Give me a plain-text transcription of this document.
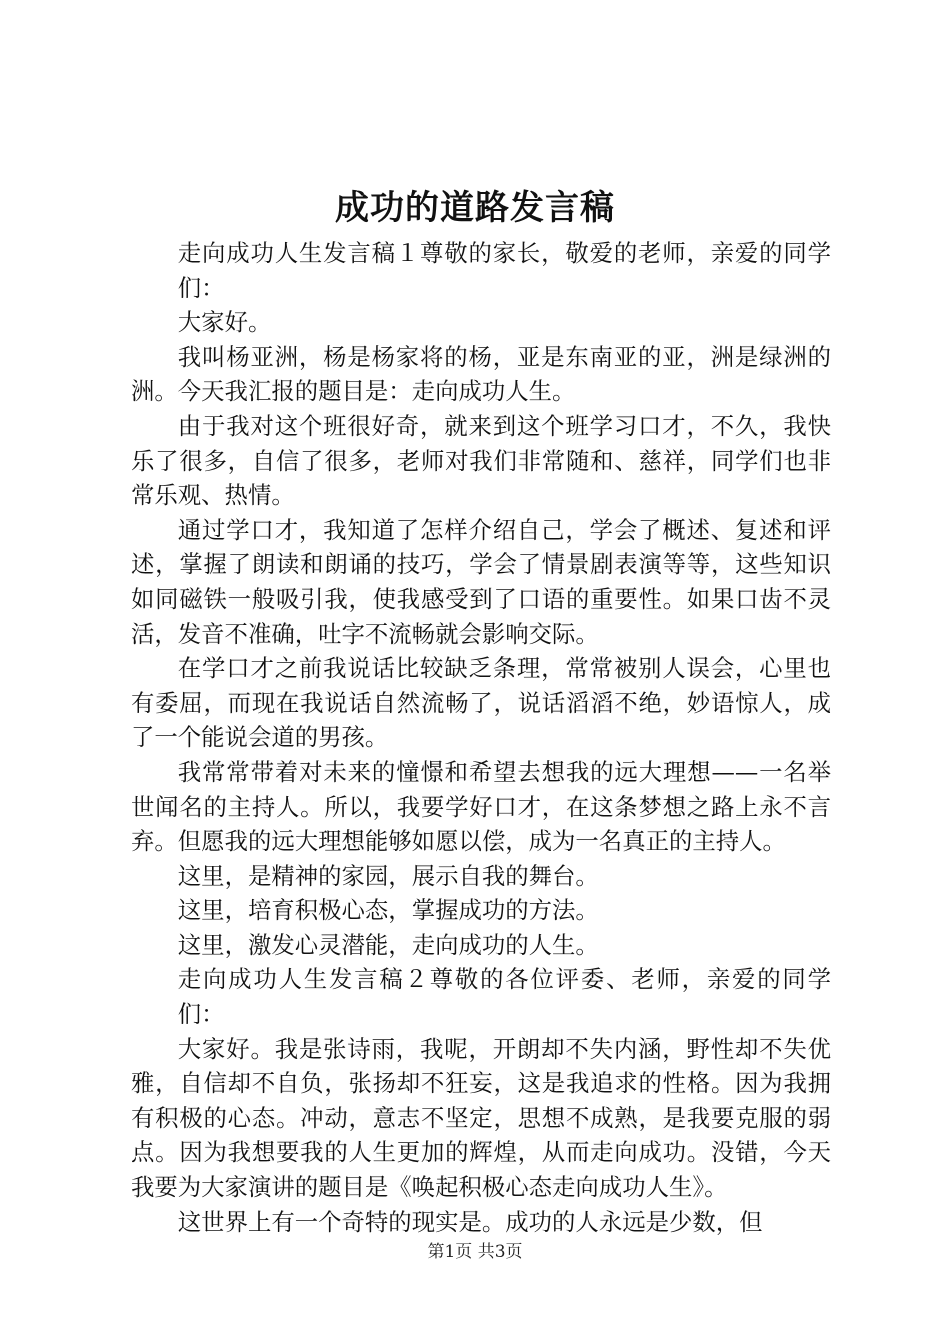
成功的道路发言稿

走向成功人生发言稿１尊敬的家长，敬爱的老师，亲爱的同学们：

大家好。

我叫杨亚洲，杨是杨家将的杨，亚是东南亚的亚，洲是绿洲的洲。今天我汇报的题目是：走向成功人生。

由于我对这个班很好奇，就来到这个班学习口才，不久，我快乐了很多，自信了很多，老师对我们非常随和、慈祥，同学们也非常乐观、热情。

通过学口才，我知道了怎样介绍自己，学会了概述、复述和评述，掌握了朗读和朗诵的技巧，学会了情景剧表演等等，这些知识如同磁铁一般吸引我，使我感受到了口语的重要性。如果口齿不灵活，发音不准确，吐字不流畅就会影响交际。

在学口才之前我说话比较缺乏条理，常常被别人误会，心里也有委屈，而现在我说话自然流畅了，说话滔滔不绝，妙语惊人，成了一个能说会道的男孩。

我常常带着对未来的憧憬和希望去想我的远大理想——一名举世闻名的主持人。所以，我要学好口才，在这条梦想之路上永不言弃。但愿我的远大理想能够如愿以偿，成为一名真正的主持人。

这里，是精神的家园，展示自我的舞台。

这里，培育积极心态，掌握成功的方法。

这里，激发心灵潜能，走向成功的人生。

走向成功人生发言稿２尊敬的各位评委、老师，亲爱的同学们：

大家好。我是张诗雨，我呢，开朗却不失内涵，野性却不失优雅，自信却不自负，张扬却不狂妄，这是我追求的性格。因为我拥有积极的心态。冲动，意志不坚定，思想不成熟，是我要克服的弱点。因为我想要我的人生更加的辉煌，从而走向成功。没错，今天我要为大家演讲的题目是《唤起积极心态走向成功人生》。

这世界上有一个奇特的现实是。成功的人永远是少数，但

第1页 共3页
